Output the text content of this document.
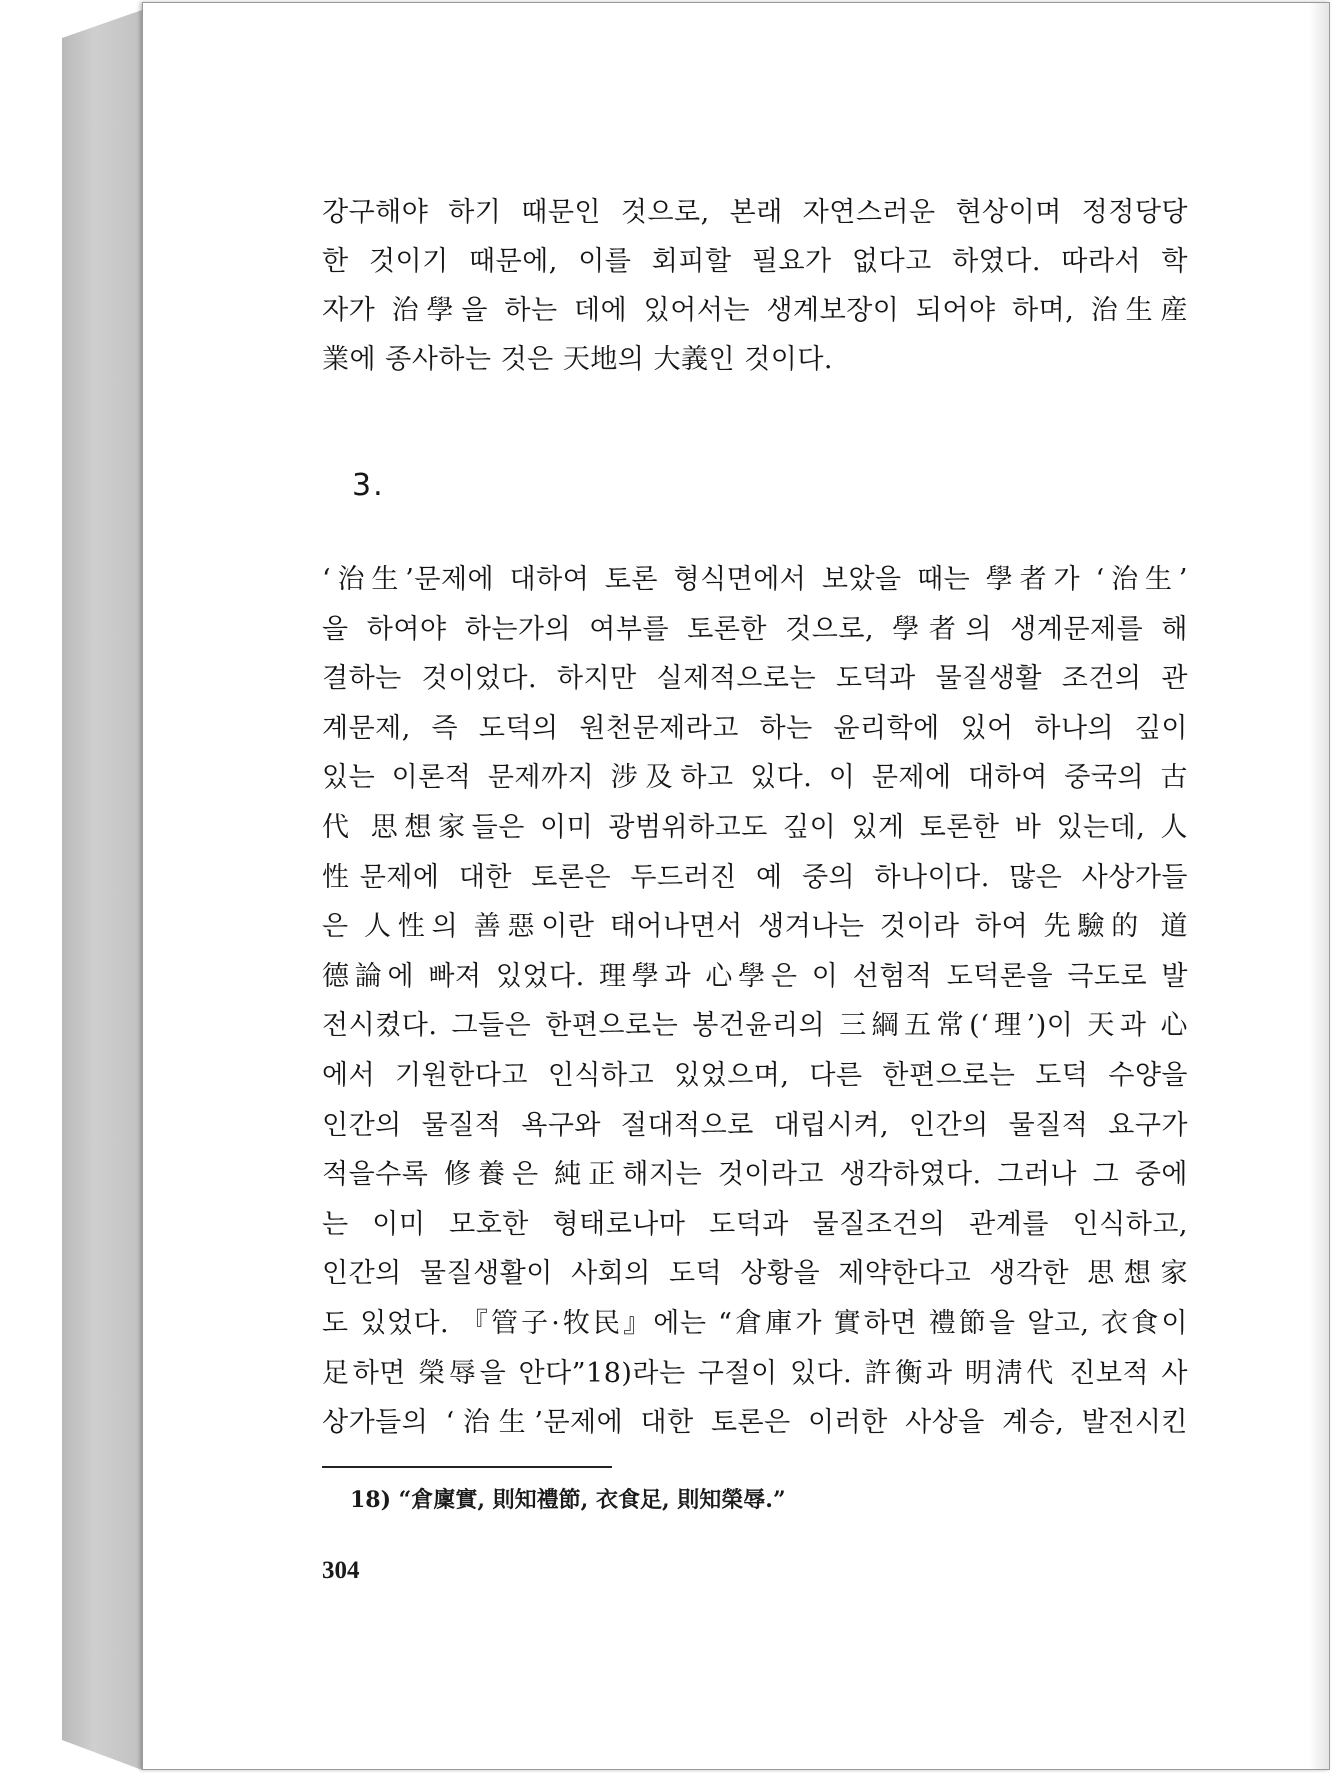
강구해야 하기 때문인 것으로, 본래 자연스러운 현상이며 정정당당

한 것이기 때문에, 이를 회피할 필요가 없다고 하였다. 따라서 학

자가 治學을 하는 데에 있어서는 생계보장이 되어야 하며, 治生産

業에 종사하는 것은 天地의 大義인 것이다.

3.

‘治生’문제에 대하여 토론 형식면에서 보았을 때는 學者가 ‘治生’

을 하여야 하는가의 여부를 토론한 것으로, 學者의 생계문제를 해

결하는 것이었다. 하지만 실제적으로는 도덕과 물질생활 조건의 관

계문제, 즉 도덕의 원천문제라고 하는 윤리학에 있어 하나의 깊이

있는 이론적 문제까지 涉及하고 있다. 이 문제에 대하여 중국의 古

代 思想家들은 이미 광범위하고도 깊이 있게 토론한 바 있는데, 人

性문제에 대한 토론은 두드러진 예 중의 하나이다. 많은 사상가들

은 人性의 善惡이란 태어나면서 생겨나는 것이라 하여 先驗的 道

德論에 빠져 있었다. 理學과 心學은 이 선험적 도덕론을 극도로 발

전시켰다. 그들은 한편으로는 봉건윤리의 三綱五常(‘理’)이 天과 心

에서 기원한다고 인식하고 있었으며, 다른 한편으로는 도덕 수양을

인간의 물질적 욕구와 절대적으로 대립시켜, 인간의 물질적 요구가

적을수록 修養은 純正해지는 것이라고 생각하였다. 그러나 그 중에

는 이미 모호한 형태로나마 도덕과 물질조건의 관계를 인식하고,

인간의 물질생활이 사회의 도덕 상황을 제약한다고 생각한 思想家

도 있었다. 『管子·牧民』에는 “倉庫가 實하면 禮節을 알고, 衣食이

足하면 榮辱을 안다”18)라는 구절이 있다. 許衡과 明淸代 진보적 사

상가들의 ‘治生’문제에 대한 토론은 이러한 사상을 계승, 발전시킨

18) “倉廩實, 則知禮節, 衣食足, 則知榮辱.”
304
